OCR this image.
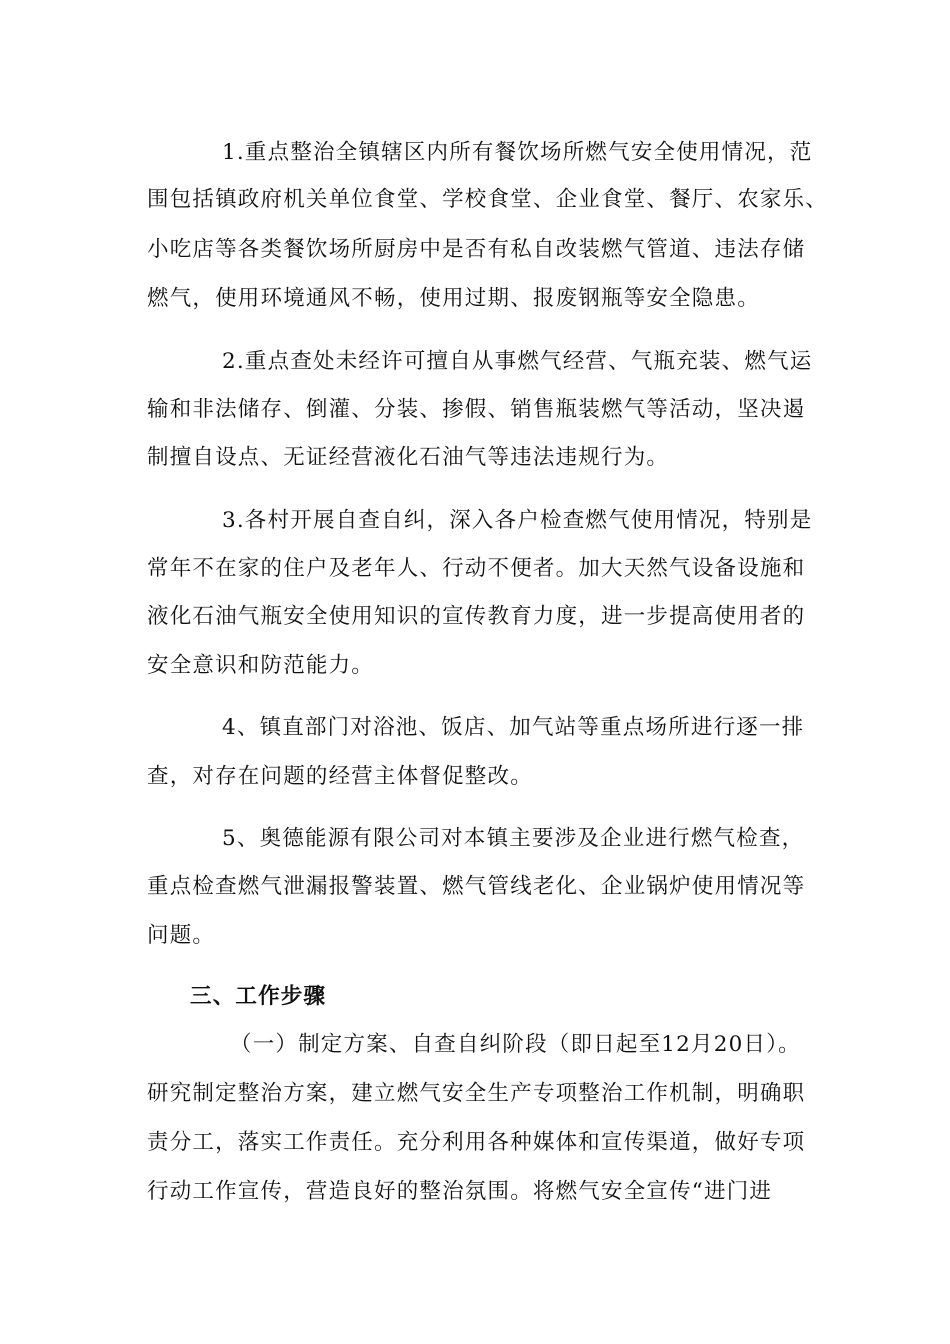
1.重点整治全镇辖区内所有餐饮场所燃气安全使用情况，范
围包括镇政府机关单位食堂、学校食堂、企业食堂、餐厅、农家乐、
小吃店等各类餐饮场所厨房中是否有私自改装燃气管道、违法存储
燃气，使用环境通风不畅，使用过期、报废钢瓶等安全隐患。
2.重点查处未经许可擅自从事燃气经营、气瓶充装、燃气运
输和非法储存、倒灌、分装、掺假、销售瓶装燃气等活动，坚决遏
制擅自设点、无证经营液化石油气等违法违规行为。
3.各村开展自查自纠，深入各户检查燃气使用情况，特别是
常年不在家的住户及老年人、行动不便者。加大天然气设备设施和
液化石油气瓶安全使用知识的宣传教育力度，进一步提高使用者的
安全意识和防范能力。
4、镇直部门对浴池、饭店、加气站等重点场所进行逐一排
查，对存在问题的经营主体督促整改。
5、奥德能源有限公司对本镇主要涉及企业进行燃气检查，
重点检查燃气泄漏报警装置、燃气管线老化、企业锅炉使用情况等
问题。
三、工作步骤
（一）制定方案、自查自纠阶段（即日起至12月20日）。
研究制定整治方案，建立燃气安全生产专项整治工作机制，明确职
责分工，落实工作责任。充分利用各种媒体和宣传渠道，做好专项
行动工作宣传，营造良好的整治氛围。将燃气安全宣传“进门进
